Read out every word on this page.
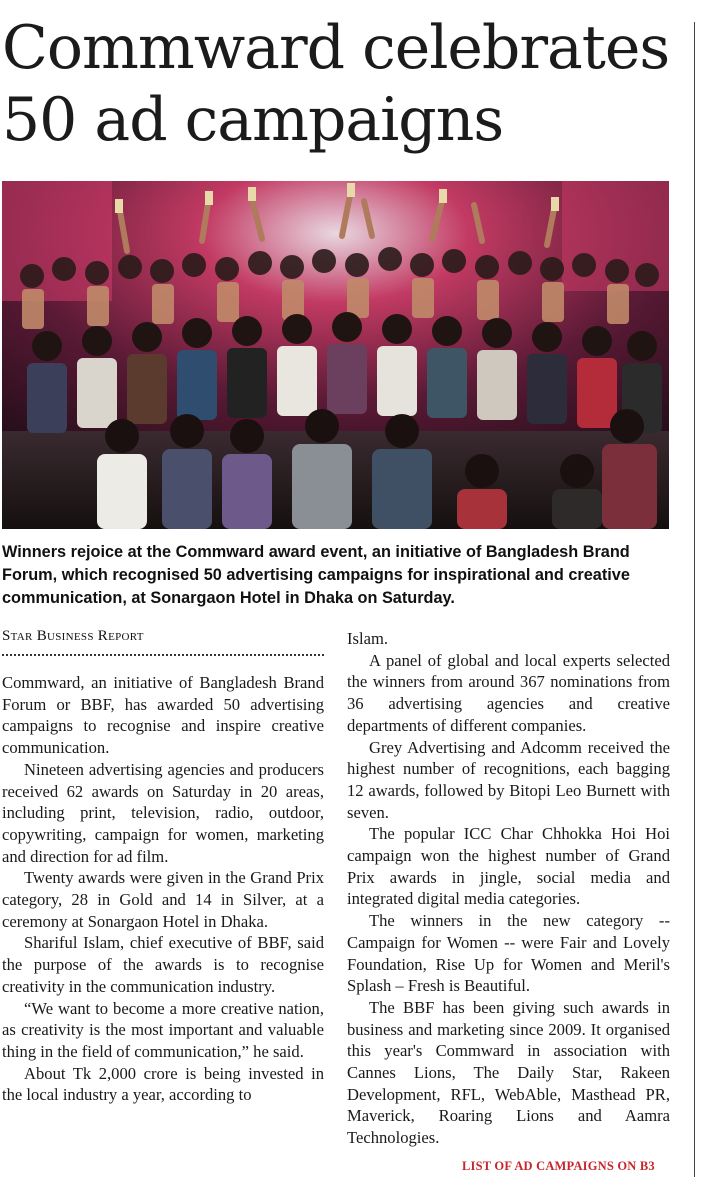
Commward celebrates
50 ad campaigns

Winners rejoice at the Commward award event, an initiative of Bangladesh Brand Forum, which recognised 50 advertising campaigns for inspirational and creative communication, at Sonargaon Hotel in Dhaka on Saturday.

Star Business Report

Commward, an initiative of Bangladesh Brand Forum or BBF, has awarded 50 advertising campaigns to recognise and inspire creative communication.

Nineteen advertising agencies and producers received 62 awards on Saturday in 20 areas, including print, television, radio, outdoor, copywriting, campaign for women, marketing and direction for ad film.

Twenty awards were given in the Grand Prix category, 28 in Gold and 14 in Silver, at a ceremony at Sonargaon Hotel in Dhaka.

Shariful Islam, chief executive of BBF, said the purpose of the awards is to recognise creativity in the communication industry.

“We want to become a more creative nation, as creativity is the most important and valuable thing in the field of communication,” he said.

About Tk 2,000 crore is being invested in the local industry a year, according to

Islam.

A panel of global and local experts selected the winners from around 367 nominations from 36 advertising agencies and creative departments of different companies.

Grey Advertising and Adcomm received the highest number of recognitions, each bagging 12 awards, followed by Bitopi Leo Burnett with seven.

The popular ICC Char Chhokka Hoi Hoi campaign won the highest number of Grand Prix awards in jingle, social media and integrated digital media categories.

The winners in the new category -- Campaign for Women -- were Fair and Lovely Foundation, Rise Up for Women and Meril's Splash – Fresh is Beautiful.

The BBF has been giving such awards in business and marketing since 2009. It organised this year's Commward in association with Cannes Lions, The Daily Star, Rakeen Development, RFL, WebAble, Masthead PR, Maverick, Roaring Lions and Aamra Technologies.

LIST OF AD CAMPAIGNS ON B3
